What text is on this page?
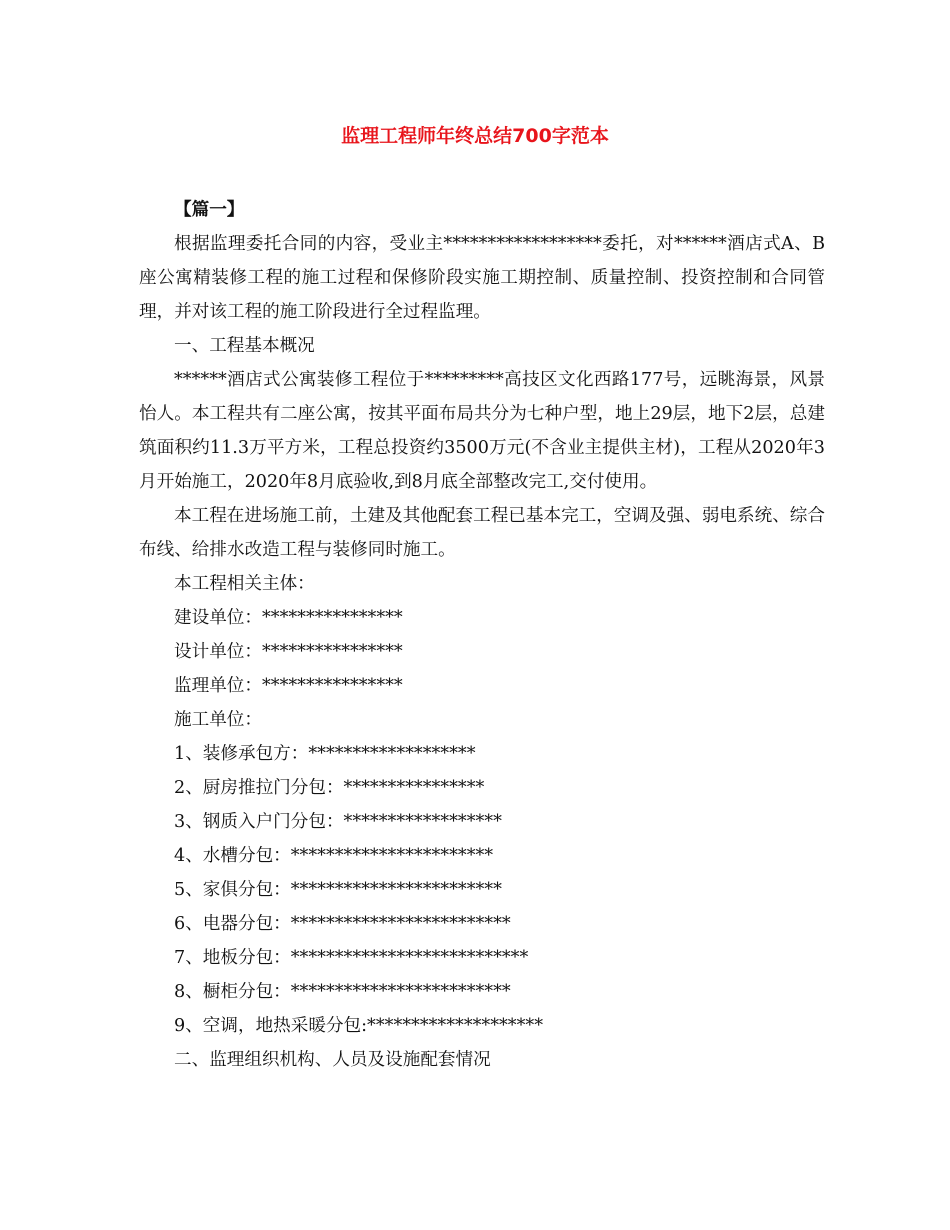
监理工程师年终总结700字范本

【篇一】

根据监理委托合同的内容，受业主******************委托，对******酒店式A、B座公寓精装修工程的施工过程和保修阶段实施工期控制、质量控制、投资控制和合同管理，并对该工程的施工阶段进行全过程监理。

一、工程基本概况

******酒店式公寓装修工程位于*********高技区文化西路177号，远眺海景，风景怡人。本工程共有二座公寓，按其平面布局共分为七种户型，地上29层，地下2层，总建筑面积约11.3万平方米，工程总投资约3500万元(不含业主提供主材)，工程从2020年3月开始施工，2020年8月底验收,到8月底全部整改完工,交付使用。

本工程在进场施工前，土建及其他配套工程已基本完工，空调及强、弱电系统、综合布线、给排水改造工程与装修同时施工。

本工程相关主体：

建设单位：****************

设计单位：****************

监理单位：****************

施工单位：

1、装修承包方：*******************

2、厨房推拉门分包：****************

3、钢质入户门分包：******************

4、水槽分包：***********************

5、家俱分包：************************

6、电器分包：*************************

7、地板分包：***************************

8、橱柜分包：*************************

9、空调，地热采暖分包:********************

二、监理组织机构、人员及设施配套情况
